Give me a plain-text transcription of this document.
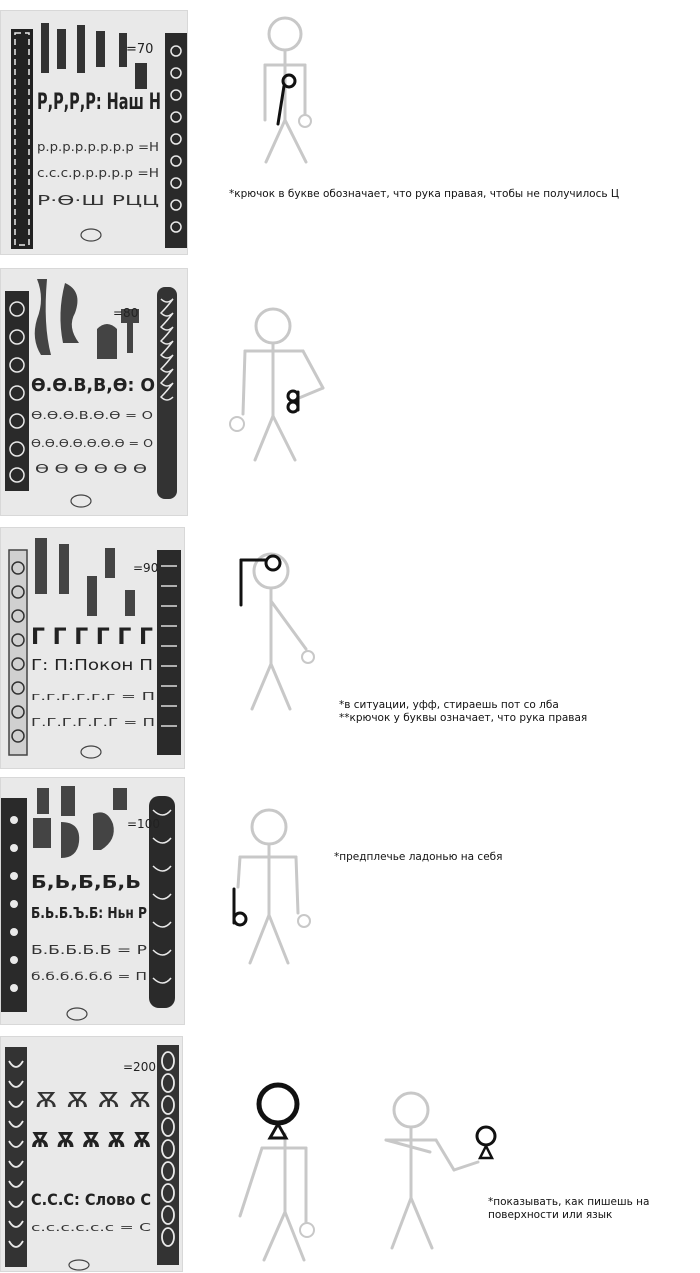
=70
Р,Р,Р,Р: Наш Н
р.р.р.р.р.р.р.р =Н
с.с.с.р.р.р.р.р =Н
Р·Ѳ·Ш РЦЦ	*крючок в букве обозначает, что рука правая, чтобы не получилось Ц
=80
Ѳ.Ѳ.В,В,Ѳ: О
Ѳ.Ѳ.Ѳ.В.Ѳ.Ѳ = О
Ѳ.Ѳ.Ѳ.Ѳ.Ѳ.Ѳ.Ѳ = О
Ѳ Ѳ Ѳ Ѳ Ѳ Ѳ
=90
Г Г Г Г Г Г
Г: П:Покон П
г.г.г.г.г.г = П
Г.Г.Г.Г.Г.Г = П
*в ситуации, уфф, стираешь пот со лба
**крючок у буквы означает, что рука правая
=100
Б,Ь,Б,Б,Ь
Б.Ь.Б.Ъ.Б: Ньн Р
Б.Б.Б.Б.Б = Р
б.б.б.б.б.б = П
*предплечье ладонью на себя
=200
Ѫ Ѫ Ѫ Ѫ
Ѫ Ѫ Ѫ Ѫ Ѫ
С.С.С: Слово С
с.с.с.с.с.с = С
*показывать, как пишешь на поверхности или язык
